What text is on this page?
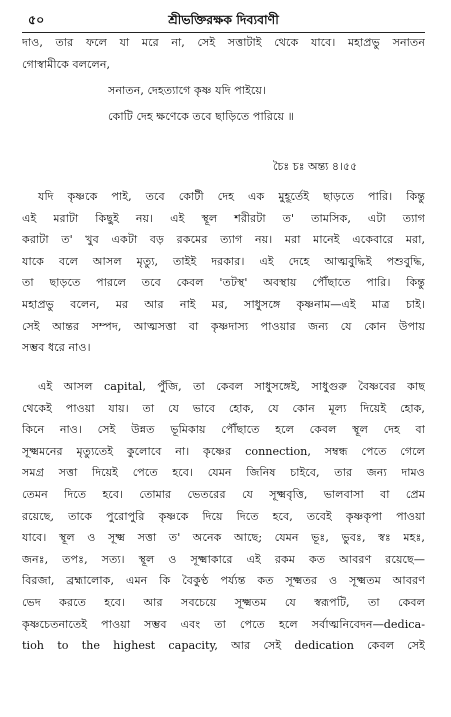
৫০	শ্রীভক্তিরক্ষক দিব্যবাণী
দাও, তার ফলে যা মরে না, সেই সত্তাটাই থেকে যাবে। মহাপ্রভু সনাতন
গোস্বামীকে বললেন,
সনাতন, দেহত্যাগে কৃষ্ণ যদি পাইয়ে।
কোটি দেহ ক্ষণেকে তবে ছাড়িতে পারিয়ে ॥
চৈঃ চঃ অন্ত্য ৪।৫৫
যদি কৃষ্ণকে পাই, তবে কোটী দেহ এক মুহূর্তেই ছাড়তে পারি। কিন্তু
এই মরাটা কিছুই নয়। এই স্থূল শরীরটা ত' তামসিক, এটা ত্যাগ
করাটা ত' খুব একটা বড় রকমের ত্যাগ নয়। মরা মানেই একেবারে মরা,
যাকে বলে আসল মৃত্যু, তাইই দরকার। এই দেহে আত্মবুদ্ধিই পশুবুদ্ধি,
তা ছাড়তে পারলে তবে কেবল 'তটস্থ' অবস্থায় পৌঁছাতে পারি। কিন্তু
মহাপ্রভু বলেন, মর আর নাই মর, সাধুসঙ্গে কৃষ্ণনাম—এই মাত্র চাই।
সেই আন্তর সম্পদ, আত্মসত্তা বা কৃষ্ণদাস্য পাওয়ার জন্য যে কোন উপায়
সম্ভব ধরে নাও।
এই আসল capital, পুঁজি, তা কেবল সাধুসঙ্গেই, সাধুগুরু বৈষ্ণবের কাছ
থেকেই পাওয়া যায়। তা যে ভাবে হোক, যে কোন মূল্য দিয়েই হোক,
কিনে নাও। সেই উন্নত ভূমিকায় পৌঁছাতে হলে কেবল স্থূল দেহ বা
সূক্ষ্মমনের মৃত্যুতেই কুলোবে না। কৃষ্ণের connection, সম্বন্ধ পেতে গেলে
সমগ্র সত্তা দিয়েই পেতে হবে। যেমন জিনিষ চাইবে, তার জন্য দামও
তেমন দিতে হবে। তোমার ভেতরের যে সূক্ষ্মবৃত্তি, ভালবাসা বা প্রেম
রয়েছে, তাকে পুরোপুরি কৃষ্ণকে দিয়ে দিতে হবে, তবেই কৃষ্ণকৃপা পাওয়া
যাবে। স্থূল ও সূক্ষ্ম সত্তা ত' অনেক আছে; যেমন ভূঃ, ভুবঃ, স্বঃ মহঃ,
জনঃ, তপঃ, সত্য। স্থূল ও সূক্ষ্মাকারে এই রকম কত আবরণ রয়েছে—
বিরজা, ব্রহ্মালোক, এমন কি বৈকুণ্ঠ পর্য্যন্ত কত সূক্ষ্মতর ও সূক্ষ্মতম আবরণ
ভেদ করতে হবে। আর সবচেয়ে সূক্ষ্মতম যে স্বরূপটি, তা কেবল
কৃষ্ণচেতনাতেই পাওয়া সম্ভব এবং তা পেতে হলে সর্বাত্মনিবেদন—dedica-
tioh to the highest capacity, আর সেই dedication কেবল সেই
